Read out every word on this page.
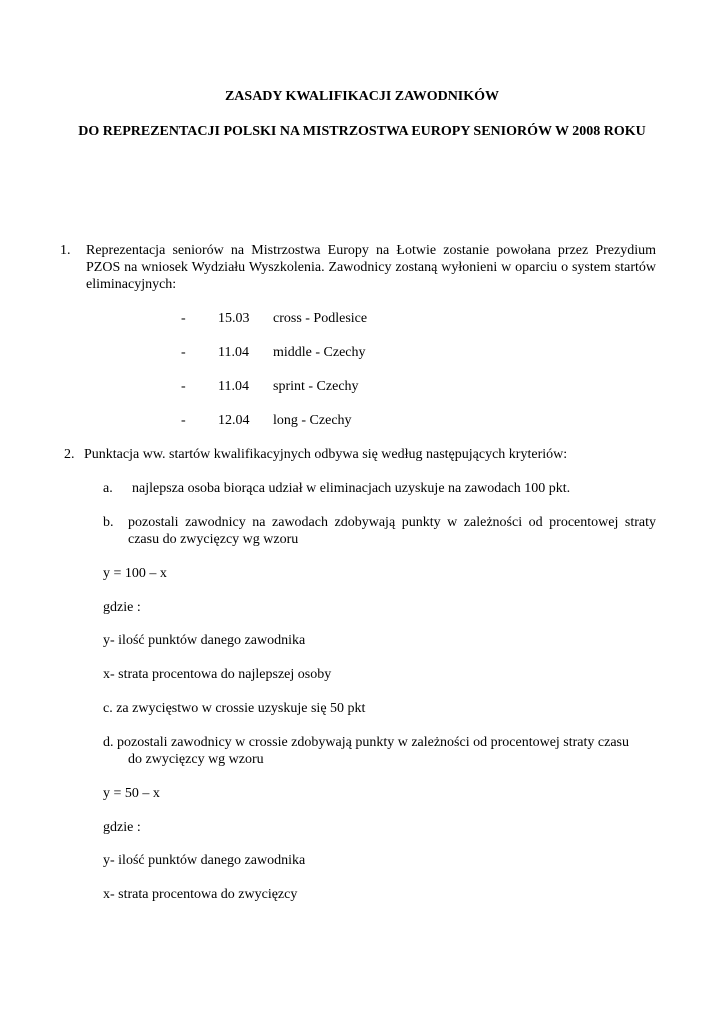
ZASADY KWALIFIKACJI ZAWODNIKÓW
DO REPREZENTACJI POLSKI NA MISTRZOSTWA EUROPY SENIORÓW W 2008 ROKU
1. Reprezentacja seniorów na Mistrzostwa Europy na Łotwie zostanie powołana przez Prezydium PZOS na wniosek Wydziału Wyszkolenia. Zawodnicy zostaną wyłonieni w oparciu o system startów eliminacyjnych:
- 15.03 cross - Podlesice
- 11.04 middle - Czechy
- 11.04 sprint - Czechy
- 12.04 long - Czechy
2. Punktacja ww. startów kwalifikacyjnych odbywa się według następujących kryteriów:
a. najlepsza osoba biorąca udział w eliminacjach uzyskuje na zawodach 100 pkt.
b. pozostali zawodnicy na zawodach zdobywają punkty w zależności od procentowej straty czasu do zwycięzcy wg wzoru
y = 100 – x
gdzie :
y- ilość punktów danego zawodnika
x- strata procentowa do najlepszej osoby
c. za zwycięstwo w crossie uzyskuje się 50 pkt
d. pozostali zawodnicy w crossie zdobywają punkty w zależności od procentowej straty czasu
do zwycięzcy wg wzoru
y = 50 – x
gdzie :
y- ilość punktów danego zawodnika
x- strata procentowa do zwycięzcy
